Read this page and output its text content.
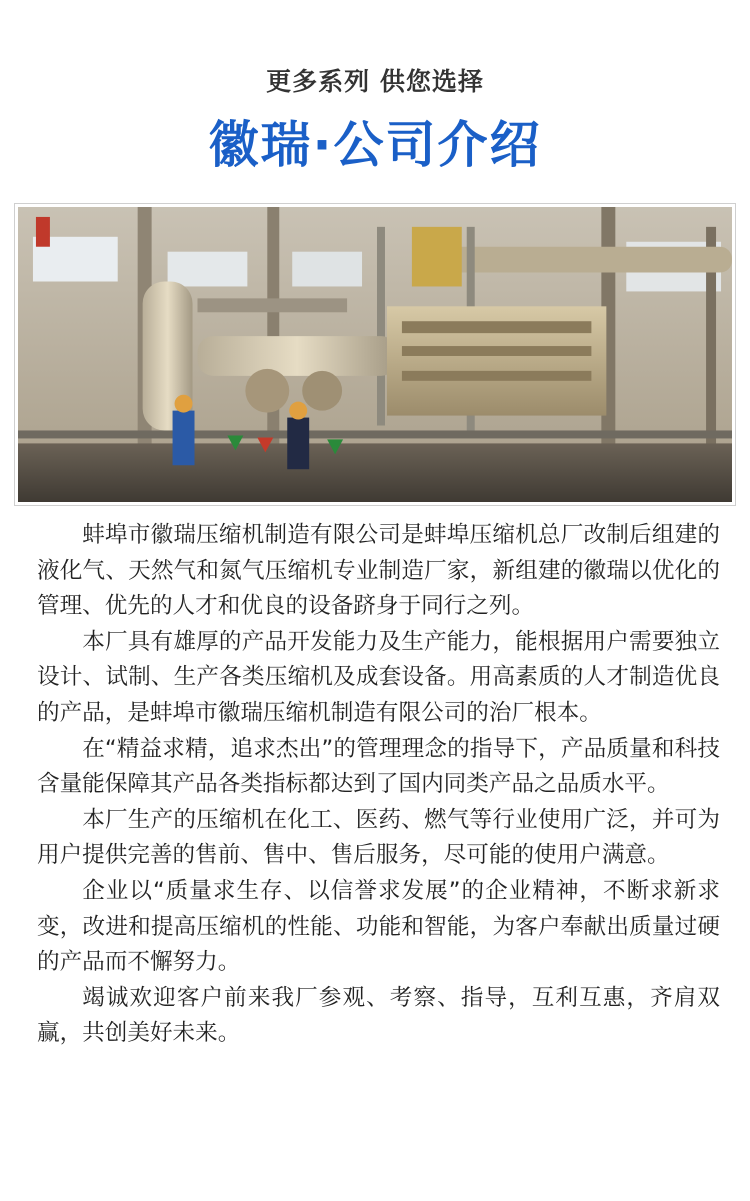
更多系列 供您选择
徽瑞·公司介绍

蚌埠市徽瑞压缩机制造有限公司是蚌埠压缩机总厂改制后组建的液化气、天然气和氮气压缩机专业制造厂家，新组建的徽瑞以优化的管理、优先的人才和优良的设备跻身于同行之列。

本厂具有雄厚的产品开发能力及生产能力，能根据用户需要独立设计、试制、生产各类压缩机及成套设备。用高素质的人才制造优良的产品，是蚌埠市徽瑞压缩机制造有限公司的治厂根本。

在“精益求精，追求杰出”的管理理念的指导下，产品质量和科技含量能保障其产品各类指标都达到了国内同类产品之品质水平。

本厂生产的压缩机在化工、医药、燃气等行业使用广泛，并可为用户提供完善的售前、售中、售后服务，尽可能的使用户满意。

企业以“质量求生存、以信誉求发展”的企业精神，不断求新求变，改进和提高压缩机的性能、功能和智能，为客户奉献出质量过硬的产品而不懈努力。

竭诚欢迎客户前来我厂参观、考察、指导，互利互惠，齐肩双赢，共创美好未来。
